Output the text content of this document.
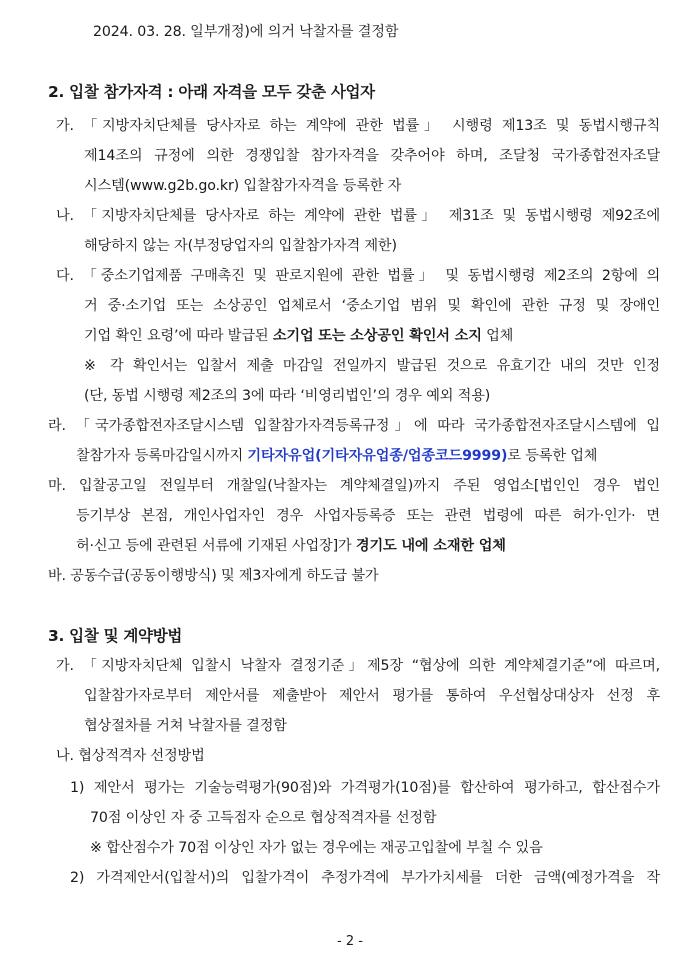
2024. 03. 28. 일부개정)에 의거 낙찰자를 결정함
2. 입찰 참가자격 : 아래 자격을 모두 갖춘 사업자
가. 「지방자치단체를 당사자로 하는 계약에 관한 법률」 시행령 제13조 및 동법시행규칙
제14조의 규정에 의한 경쟁입찰 참가자격을 갖추어야 하며, 조달청 국가종합전자조달
시스템(www.g2b.go.kr) 입찰참가자격을 등록한 자
나. 「지방자치단체를 당사자로 하는 계약에 관한 법률」 제31조 및 동법시행령 제92조에
해당하지 않는 자(부정당업자의 입찰참가자격 제한)
다. 「중소기업제품 구매촉진 및 판로지원에 관한 법률」 및 동법시행령 제2조의 2항에 의
거 중·소기업 또는 소상공인 업체로서 ‘중소기업 범위 및 확인에 관한 규정 및 장애인
기업 확인 요령’에 따라 발급된 소기업 또는 소상공인 확인서 소지 업체
※ 각 확인서는 입찰서 제출 마감일 전일까지 발급된 것으로 유효기간 내의 것만 인정
(단, 동법 시행령 제2조의 3에 따라 ‘비영리법인’의 경우 예외 적용)
라. 「국가종합전자조달시스템 입찰참가자격등록규정」에 따라 국가종합전자조달시스템에 입
찰참가자 등록마감일시까지 기타자유업(기타자유업종/업종코드9999)로 등록한 업체
마. 입찰공고일 전일부터 개찰일(낙찰자는 계약체결일)까지 주된 영업소[법인인 경우 법인
등기부상 본점, 개인사업자인 경우 사업자등록증 또는 관련 법령에 따른 허가·인가· 면
허·신고 등에 관련된 서류에 기재된 사업장]가 경기도 내에 소재한 업체
바. 공동수급(공동이행방식) 및 제3자에게 하도급 불가
3. 입찰 및 계약방법
가. 「지방자치단체 입찰시 낙찰자 결정기준」제5장 “협상에 의한 계약체결기준”에 따르며,
입찰참가자로부터 제안서를 제출받아 제안서 평가를 통하여 우선협상대상자 선정 후
협상절차를 거쳐 낙찰자를 결정함
나. 협상적격자 선정방법
1) 제안서 평가는 기술능력평가(90점)와 가격평가(10점)를 합산하여 평가하고, 합산점수가
70점 이상인 자 중 고득점자 순으로 협상적격자를 선정함
※ 합산점수가 70점 이상인 자가 없는 경우에는 재공고입찰에 부칠 수 있음
2) 가격제안서(입찰서)의 입찰가격이 추정가격에 부가가치세를 더한 금액(예정가격을 작
- 2 -
